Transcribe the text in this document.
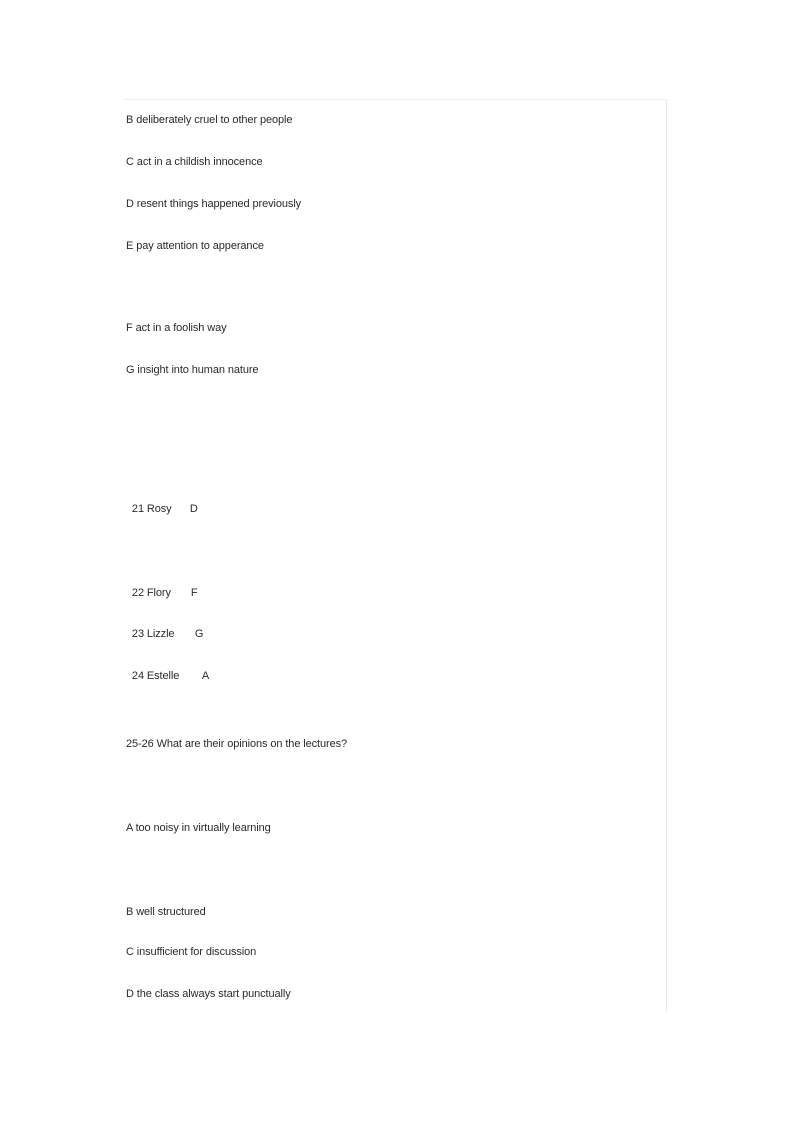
B deliberately cruel to other people
C act in a childish innocence
D resent things happened previously
E pay attention to apperance
F act in a foolish way
G insight into human nature

21 Rosy D

22 Flory F

23 Lizzle G

24 Estelle A

25-26 What are their opinions on the lectures?
A too noisy in virtually learning
B well structured
C insufficient for discussion
D the class always start punctually
